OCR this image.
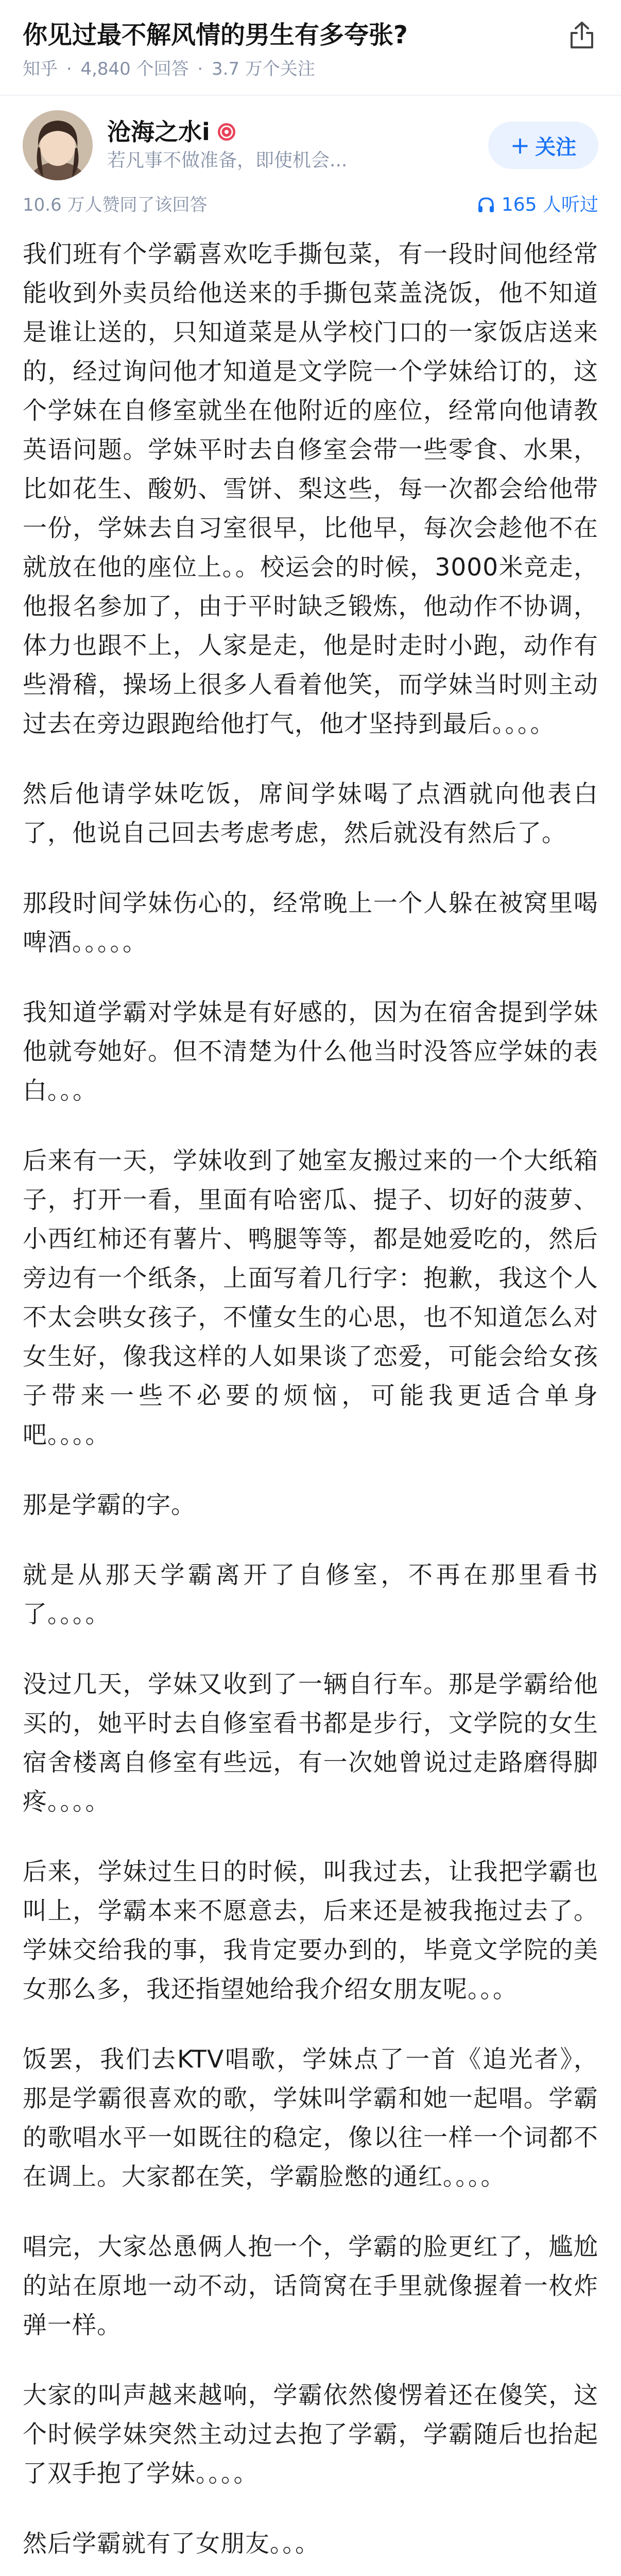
你见过最不解风情的男生有多夸张?
知乎 · 4,840 个回答 · 3.7 万个关注
沧海之水i
若凡事不做准备，即使机会...
+ 关注
10.6 万人赞同了该回答	165 人听过

我们班有个学霸喜欢吃手撕包菜，有一段时间他经常能收到外卖员给他送来的手撕包菜盖浇饭，他不知道是谁让送的，只知道菜是从学校门口的一家饭店送来的，经过询问他才知道是文学院一个学妹给订的，这个学妹在自修室就坐在他附近的座位，经常向他请教英语问题。学妹平时去自修室会带一些零食、水果，比如花生、酸奶、雪饼、梨这些，每一次都会给他带一份，学妹去自习室很早，比他早，每次会趁他不在就放在他的座位上。。校运会的时候，3000米竞走，他报名参加了，由于平时缺乏锻炼，他动作不协调，体力也跟不上，人家是走，他是时走时小跑，动作有些滑稽，操场上很多人看着他笑，而学妹当时则主动过去在旁边跟跑给他打气，他才坚持到最后。。。。

然后他请学妹吃饭，席间学妹喝了点酒就向他表白了，他说自己回去考虑考虑，然后就没有然后了。

那段时间学妹伤心的，经常晚上一个人躲在被窝里喝啤酒。。。。。

我知道学霸对学妹是有好感的，因为在宿舍提到学妹他就夸她好。但不清楚为什么他当时没答应学妹的表白。。。

后来有一天，学妹收到了她室友搬过来的一个大纸箱子，打开一看，里面有哈密瓜、提子、切好的菠萝、小西红柿还有薯片、鸭腿等等，都是她爱吃的，然后旁边有一个纸条，上面写着几行字：抱歉，我这个人不太会哄女孩子，不懂女生的心思，也不知道怎么对女生好，像我这样的人如果谈了恋爱，可能会给女孩子带来一些不必要的烦恼，可能我更适合单身吧。。。。

那是学霸的字。

就是从那天学霸离开了自修室，不再在那里看书了。。。。

没过几天，学妹又收到了一辆自行车。那是学霸给他买的，她平时去自修室看书都是步行，文学院的女生宿舍楼离自修室有些远，有一次她曾说过走路磨得脚疼。。。。

后来，学妹过生日的时候，叫我过去，让我把学霸也叫上，学霸本来不愿意去，后来还是被我拖过去了。学妹交给我的事，我肯定要办到的，毕竟文学院的美女那么多，我还指望她给我介绍女朋友呢。。。

饭罢，我们去KTV唱歌，学妹点了一首《追光者》，那是学霸很喜欢的歌，学妹叫学霸和她一起唱。学霸的歌唱水平一如既往的稳定，像以往一样一个词都不在调上。大家都在笑，学霸脸憋的通红。。。。

唱完，大家怂恿俩人抱一个，学霸的脸更红了，尴尬的站在原地一动不动，话筒窝在手里就像握着一枚炸弹一样。

大家的叫声越来越响，学霸依然傻愣着还在傻笑，这个时候学妹突然主动过去抱了学霸，学霸随后也抬起了双手抱了学妹。。。。

然后学霸就有了女朋友。。。
